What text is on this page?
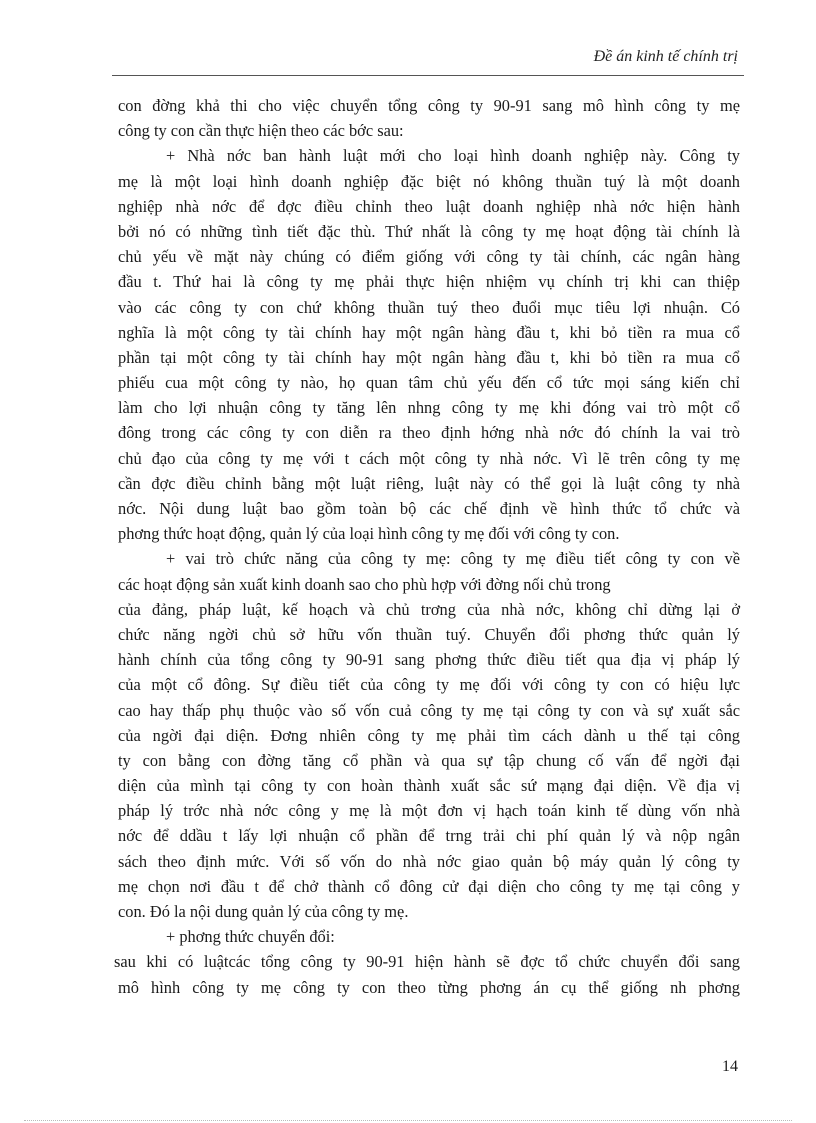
Đề án kinh tế chính trị
con đờng khả thi cho việc chuyển tổng công ty 90-91 sang mô hình công ty mẹ
công ty con cần thực hiện theo các bớc sau:
+ Nhà nớc ban hành luật mới cho loại hình doanh nghiệp này. Công ty
mẹ là một loại hình doanh nghiệp đặc biệt nó không thuần tuý là một doanh
nghiệp nhà nớc để đợc điều chỉnh theo luật doanh nghiệp nhà nớc hiện hành
bởi nó có những tình tiết đặc thù. Thứ nhất là công ty mẹ hoạt động tài chính là
chủ yếu về mặt này chúng có điểm giống với công ty tài chính, các ngân hàng
đầu t. Thứ hai là công ty mẹ phải thực hiện nhiệm vụ chính trị khi can thiệp
vào các công ty con chứ không thuần tuý theo đuổi mục tiêu lợi nhuận. Có
nghĩa là một công ty tài chính hay một ngân hàng đầu t, khi bỏ tiền ra mua cổ
phần tại một công ty tài chính hay một ngân hàng đầu t, khi bỏ tiền ra mua cổ
phiếu cua một công ty nào, họ quan tâm chủ yếu đến cổ tức mọi sáng kiến chỉ
làm cho lợi nhuận công ty tăng lên nhng công ty mẹ khi đóng vai trò một cổ
đông trong các công ty con diễn ra theo định hớng nhà nớc đó chính la vai trò
chủ đạo của công ty mẹ với t cách một công ty nhà nớc. Vì lẽ trên công ty mẹ
cần đợc điều chỉnh bằng một luật riêng, luật này có thể gọi là luật công ty nhà
nớc. Nội dung luật bao gồm toàn bộ các chế định về hình thức tổ chức và
phơng thức hoạt động, quản lý của loại hình công ty mẹ đối với công ty con.
+ vai trò chức năng của công ty mẹ: công ty mẹ điều tiết công ty con về
các hoạt động sản xuất kinh doanh sao cho phù hợp với đờng nối chủ trong
của đảng, pháp luật, kế hoạch và chủ trơng của nhà nớc, không chỉ dừng lại ở
chức năng ngời chủ sở hữu vốn thuần tuý. Chuyển đổi phơng thức quản lý
hành chính của tổng công ty 90-91 sang phơng thức điều tiết qua địa vị pháp lý
của một cổ đông. Sự điều tiết của công ty mẹ đối với công ty con có hiệu lực
cao hay thấp phụ thuộc vào số vốn cuả công ty mẹ tại công ty con và sự xuất sắc
của ngời đại diện. Đơng nhiên công ty mẹ phải tìm cách dành u thế tại công
ty con bằng con đờng tăng cổ phần và qua sự tập chung cố vấn để ngời đại
diện của mình tại công ty con hoàn thành xuất sắc sứ mạng đại diện. Về địa vị
pháp lý trớc nhà nớc công y mẹ là một đơn vị hạch toán kinh tế dùng vốn nhà
nớc để ddầu t lấy lợi nhuận cổ phần để trng trải chi phí quản lý và nộp ngân
sách theo định mức. Với số vốn do nhà nớc giao quản bộ máy quản lý công ty
mẹ chọn nơi đầu t để chở thành cổ đông cử đại diện cho công ty mẹ tại công y
con. Đó la nội dung quản lý của công ty mẹ.
+ phơng thức chuyển đổi:
sau khi có luậtcác tổng công ty 90-91 hiện hành sẽ đợc tổ chức chuyển đổi sang
mô hình công ty mẹ công ty con theo từng phơng án cụ thể giống nh phơng
14
